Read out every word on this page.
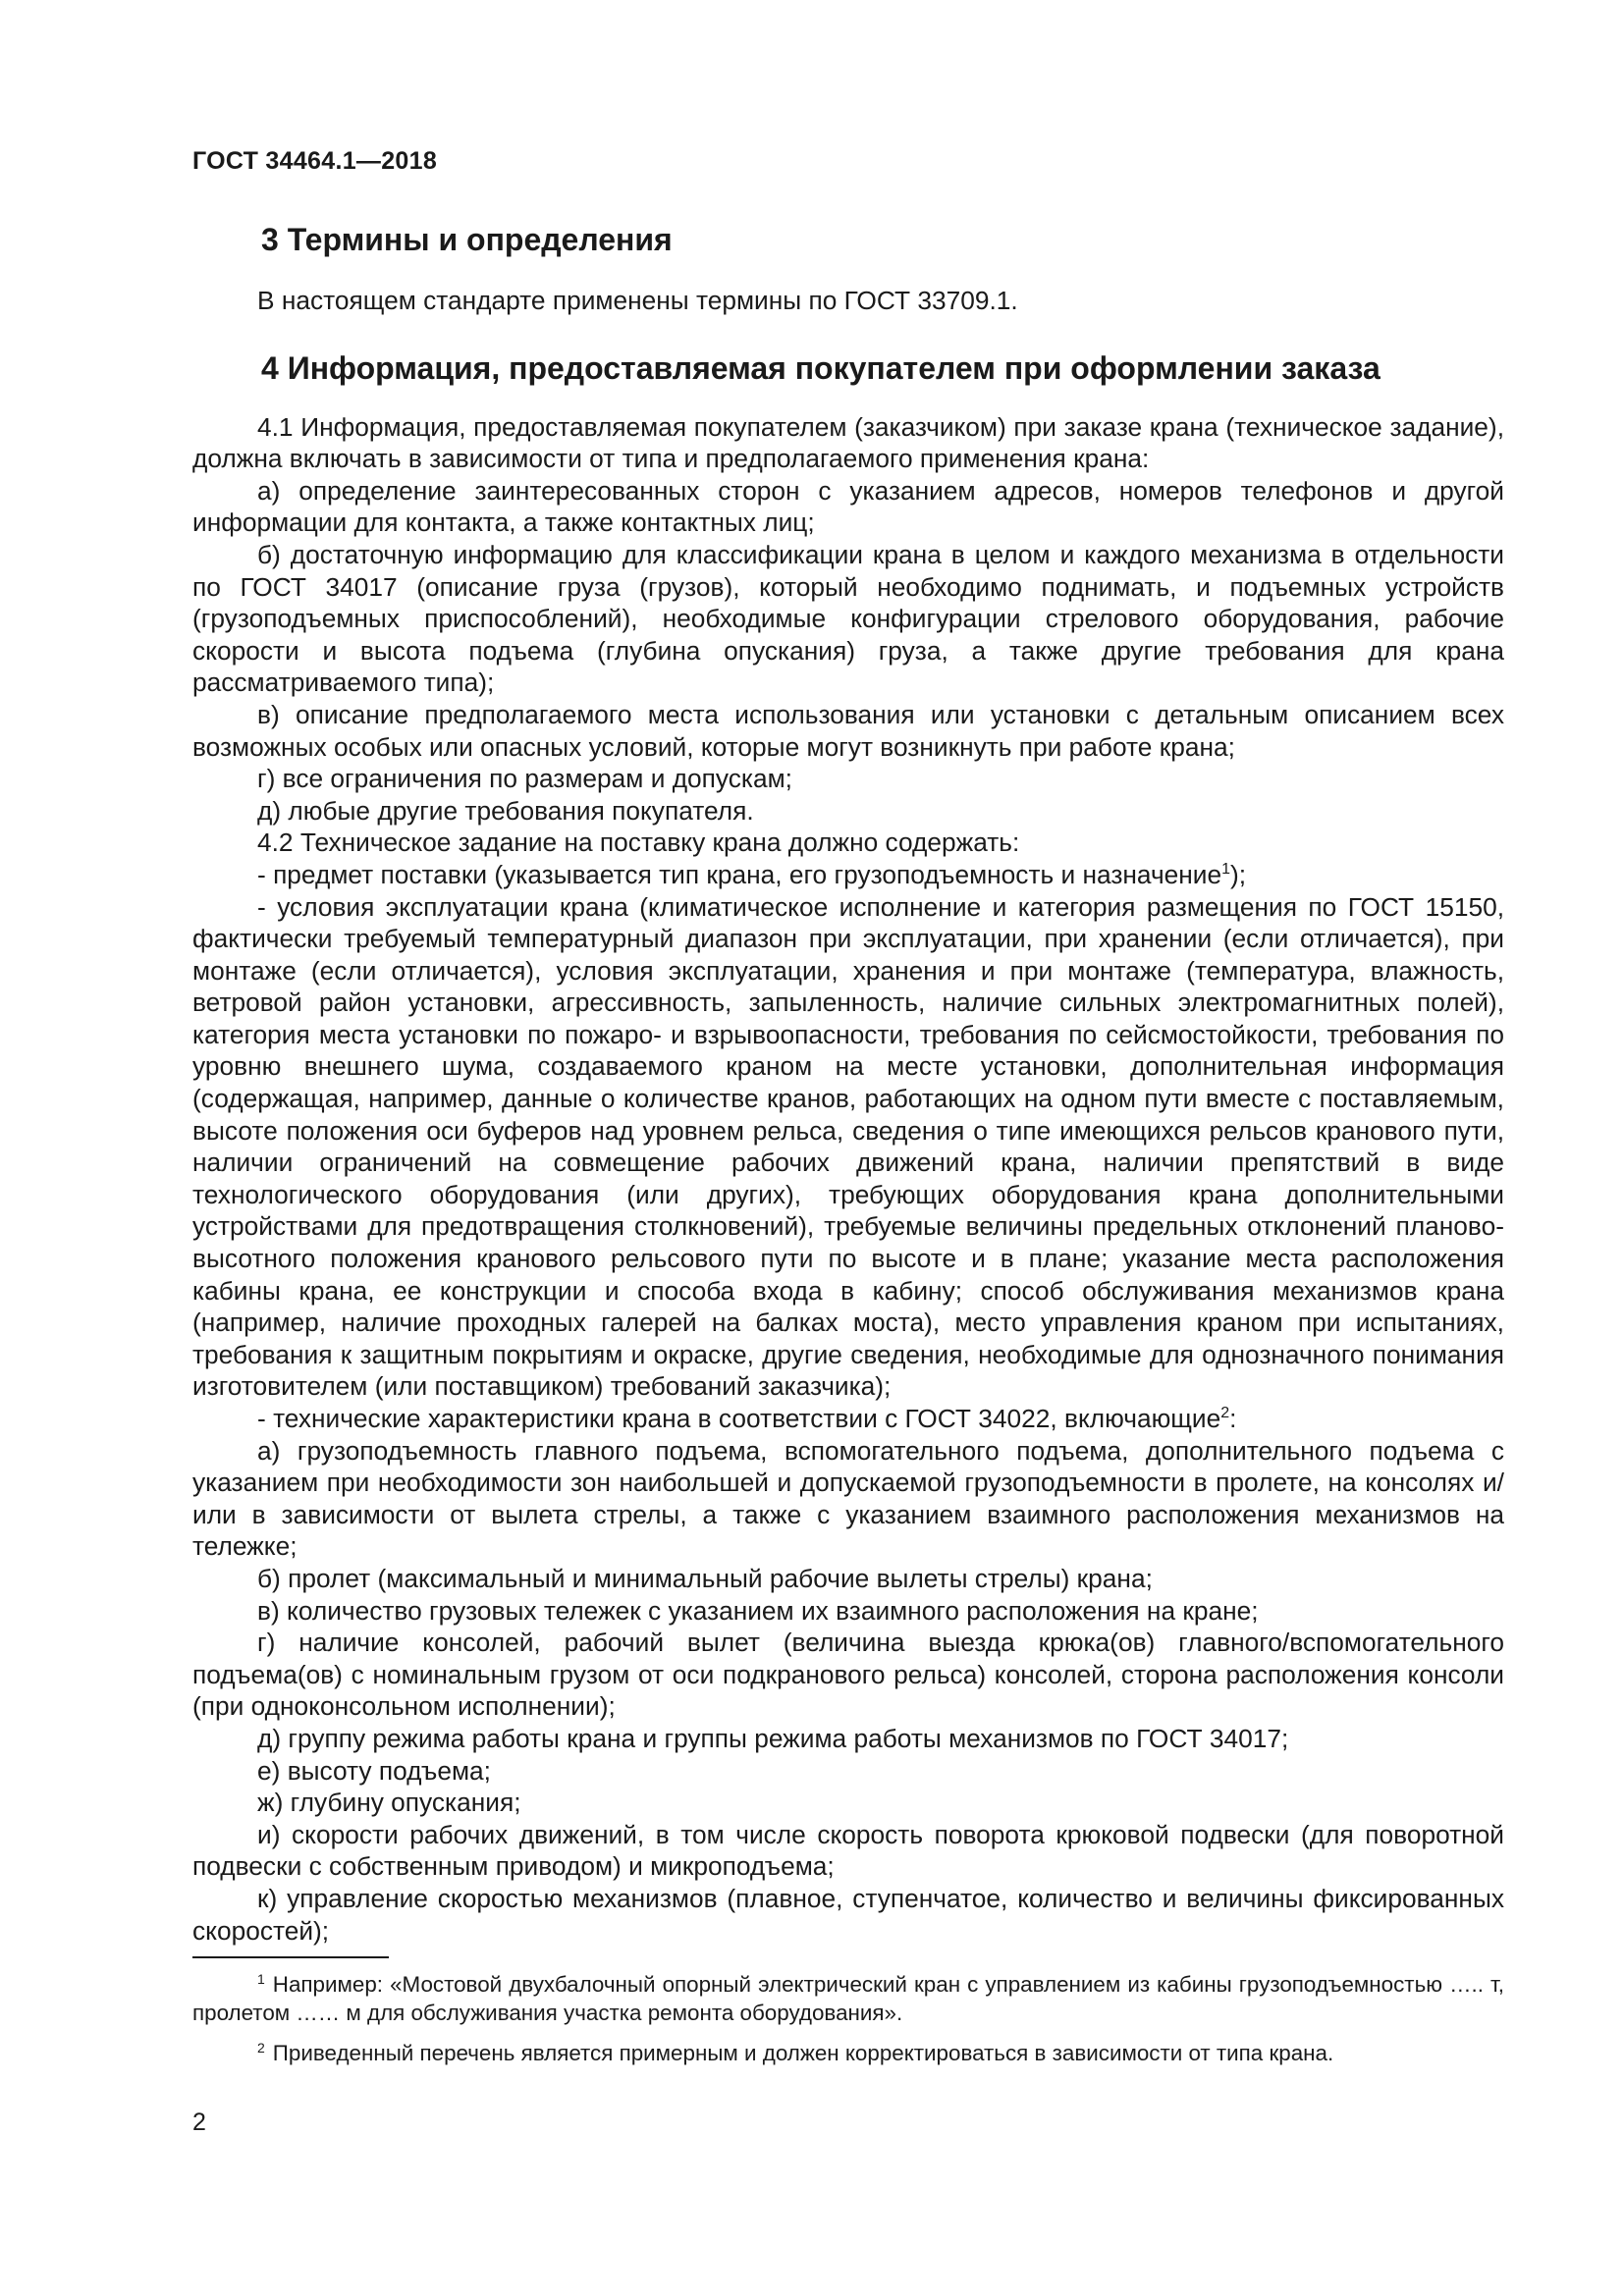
ГОСТ 34464.1—2018
3 Термины и определения

В настоящем стандарте применены термины по ГОСТ 33709.1.

4 Информация, предоставляемая покупателем при оформлении заказа

4.1 Информация, предоставляемая покупателем (заказчиком) при заказе крана (техническое задание), должна включать в зависимости от типа и предполагаемого применения крана:

а) определение заинтересованных сторон с указанием адресов, номеров телефонов и другой информации для контакта, а также контактных лиц;

б) достаточную информацию для классификации крана в целом и каждого механизма в отдельности по ГОСТ 34017 (описание груза (грузов), который необходимо поднимать, и подъемных устройств (грузоподъемных приспособлений), необходимые конфигурации стрелового оборудования, рабочие скорости и высота подъема (глубина опускания) груза, а также другие требования для крана рассматриваемого типа);

в) описание предполагаемого места использования или установки с детальным описанием всех возможных особых или опасных условий, которые могут возникнуть при работе крана;

г) все ограничения по размерам и допускам;

д) любые другие требования покупателя.

4.2 Техническое задание на поставку крана должно содержать:

- предмет поставки (указывается тип крана, его грузоподъемность и назначение$^1$);

- условия эксплуатации крана (климатическое исполнение и категория размещения по ГОСТ 15150, фактически требуемый температурный диапазон при эксплуатации, при хранении (если отличается), при монтаже (если отличается), условия эксплуатации, хранения и при монтаже (температура, влажность, ветровой район установки, агрессивность, запыленность, наличие сильных электромагнитных полей), категория места установки по пожаро- и взрывоопасности, требования по сейсмостойкости, требования по уровню внешнего шума, создаваемого краном на месте установки, дополнительная информация (содержащая, например, данные о количестве кранов, работающих на одном пути вместе с поставляемым, высоте положения оси буферов над уровнем рельса, сведения о типе имеющихся рельсов кранового пути, наличии ограничений на совмещение рабочих движений крана, наличии препятствий в виде технологического оборудования (или других), требующих оборудования крана дополнительными устройствами для предотвращения столкновений), требуемые величины предельных отклонений планово-высотного положения кранового рельсового пути по высоте и в плане; указание места расположения кабины крана, ее конструкции и способа входа в кабину; способ обслуживания механизмов крана (например, наличие проходных галерей на балках моста), место управления краном при испытаниях, требования к защитным покрытиям и окраске, другие сведения, необходимые для однозначного понимания изготовителем (или поставщиком) требований заказчика);

- технические характеристики крана в соответствии с ГОСТ 34022, включающие$^2$:

а) грузоподъемность главного подъема, вспомогательного подъема, дополнительного подъема с указанием при необходимости зон наибольшей и допускаемой грузоподъемности в пролете, на консолях и/или в зависимости от вылета стрелы, а также с указанием взаимного расположения механизмов на тележке;

б) пролет (максимальный и минимальный рабочие вылеты стрелы) крана;

в) количество грузовых тележек с указанием их взаимного расположения на кране;

г) наличие консолей, рабочий вылет (величина выезда крюка(ов) главного/вспомогательного подъема(ов) с номинальным грузом от оси подкранового рельса) консолей, сторона расположения консоли (при одноконсольном исполнении);

д) группу режима работы крана и группы режима работы механизмов по ГОСТ 34017;

е) высоту подъема;

ж) глубину опускания;

и) скорости рабочих движений, в том числе скорость поворота крюковой подвески (для поворотной подвески с собственным приводом) и микроподъема;

к) управление скоростью механизмов (плавное, ступенчатое, количество и величины фиксированных скоростей);

$^1$ Например: «Мостовой двухбалочный опорный электрический кран с управлением из кабины грузоподъемностью ….. т, пролетом …… м для обслуживания участка ремонта оборудования».
$^2$ Приведенный перечень является примерным и должен корректироваться в зависимости от типа крана.
2
